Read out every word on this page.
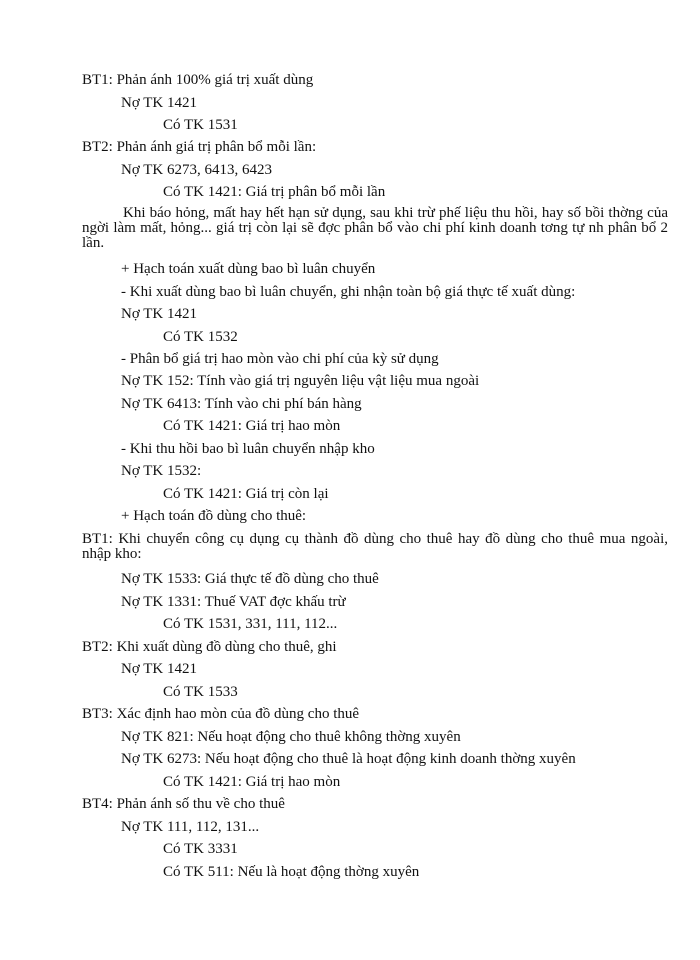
BT1: Phản ánh 100% giá trị xuất dùng
Nợ TK 1421
Có TK 1531
BT2: Phản ánh giá trị phân bổ mỗi lần:
Nợ TK 6273, 6413, 6423
Có TK 1421: Giá trị phân bổ mỗi lần
Khi báo hỏng, mất hay hết hạn sử dụng, sau khi trừ phế liệu thu hồi, hay số bồi thờng của ngời làm mất, hỏng... giá trị còn lại sẽ đợc phân bổ vào chi phí kinh doanh tơng tự nh phân bổ 2 lần.
+ Hạch toán xuất dùng bao bì luân chuyển
- Khi xuất dùng bao bì luân chuyển, ghi nhận toàn bộ giá thực tế xuất dùng:
Nợ TK 1421
Có TK 1532
- Phân bổ giá trị hao mòn vào chi phí của kỳ sử dụng
Nợ TK 152: Tính vào giá trị nguyên liệu vật liệu mua ngoài
Nợ TK 6413: Tính vào chi phí bán hàng
Có TK 1421: Giá trị hao mòn
- Khi thu hồi bao bì luân chuyển nhập kho
Nợ TK 1532:
Có TK 1421: Giá trị còn lại
+ Hạch toán đồ dùng cho thuê:
BT1: Khi chuyển công cụ dụng cụ thành đồ dùng cho thuê hay đồ dùng cho thuê mua ngoài, nhập kho:
Nợ TK 1533: Giá thực tế đồ dùng cho thuê
Nợ TK 1331: Thuế VAT đợc khấu trừ
Có TK 1531, 331, 111, 112...
BT2: Khi xuất dùng đồ dùng cho thuê, ghi
Nợ TK 1421
Có TK 1533
BT3: Xác định hao mòn của đồ dùng cho thuê
Nợ TK 821: Nếu hoạt động cho thuê không thờng xuyên
Nợ TK 6273: Nếu hoạt động cho thuê là hoạt động kinh doanh thờng xuyên
Có TK 1421: Giá trị hao mòn
BT4: Phản ánh số thu về cho thuê
Nợ TK 111, 112, 131...
Có TK 3331
Có TK 511: Nếu là hoạt động thờng xuyên
